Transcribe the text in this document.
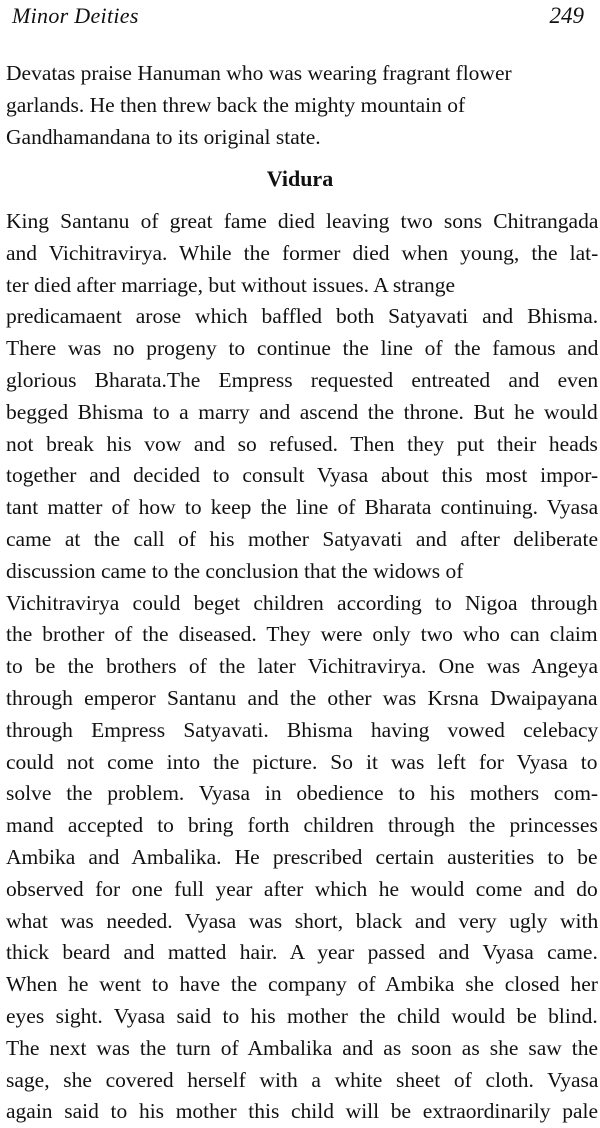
Minor Deities	249
Devatas praise Hanuman who was wearing fragrant flower
garlands. He then threw back the mighty mountain of
Gandhamandana to its original state.
Vidura
King Santanu of great fame died leaving two sons Chitrangada
and Vichitravirya. While the former died when young, the lat-
ter died after marriage, but without issues. A strange
predicamaent arose which baffled both Satyavati and Bhisma.
There was no progeny to continue the line of the famous and
glorious Bharata.The Empress requested entreated and even
begged Bhisma to a marry and ascend the throne. But he would
not break his vow and so refused. Then they put their heads
together and decided to consult Vyasa about this most impor-
tant matter of how to keep the line of Bharata continuing. Vyasa
came at the call of his mother Satyavati and after deliberate
discussion came to the conclusion that the widows of
Vichitravirya could beget children according to Nigoa through
the brother of the diseased. They were only two who can claim
to be the brothers of the later Vichitravirya. One was Angeya
through emperor Santanu and the other was Krsna Dwaipayana
through Empress Satyavati. Bhisma having vowed celebacy
could not come into the picture. So it was left for Vyasa to
solve the problem. Vyasa in obedience to his mothers com-
mand accepted to bring forth children through the princesses
Ambika and Ambalika. He prescribed certain austerities to be
observed for one full year after which he would come and do
what was needed. Vyasa was short, black and very ugly with
thick beard and matted hair. A year passed and Vyasa came.
When he went to have the company of Ambika she closed her
eyes sight. Vyasa said to his mother the child would be blind.
The next was the turn of Ambalika and as soon as she saw the
sage, she covered herself with a white sheet of cloth. Vyasa
again said to his mother this child will be extraordinarily pale
